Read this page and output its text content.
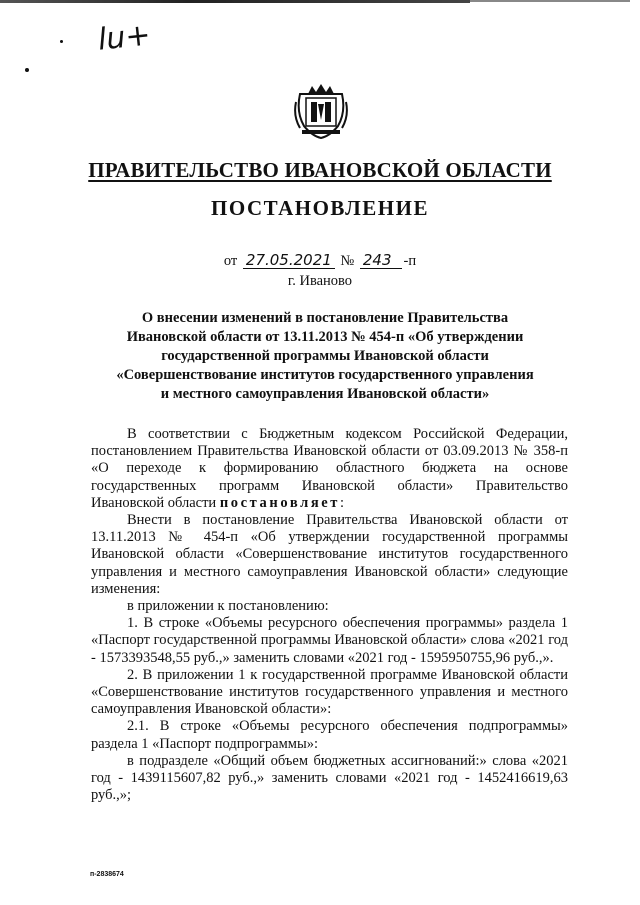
lu+
ПРАВИТЕЛЬСТВО ИВАНОВСКОЙ ОБЛАСТИ
ПОСТАНОВЛЕНИЕ
от 27.05.2021 № 243 -п
г. Иваново
О внесении изменений в постановление Правительства
Ивановской области от 13.11.2013 № 454-п «Об утверждении
государственной программы Ивановской области
«Совершенствование институтов государственного управления
и местного самоуправления Ивановской области»

В соответствии с Бюджетным кодексом Российской Федерации, постановлением Правительства Ивановской области от 03.09.2013 № 358-п «О переходе к формированию областного бюджета на основе государственных программ Ивановской области» Правительство Ивановской области постановляет:

Внести в постановление Правительства Ивановской области от 13.11.2013 № 454-п «Об утверждении государственной программы Ивановской области «Совершенствование институтов государственного управления и местного самоуправления Ивановской области» следующие изменения:

в приложении к постановлению:

1. В строке «Объемы ресурсного обеспечения программы» раздела 1 «Паспорт государственной программы Ивановской области» слова «2021 год - 1573393548,55 руб.,» заменить словами «2021 год - 1595950755,96 руб.,».

2. В приложении 1 к государственной программе Ивановской области «Совершенствование институтов государственного управления и местного самоуправления Ивановской области»:

2.1. В строке «Объемы ресурсного обеспечения подпрограммы» раздела 1 «Паспорт подпрограммы»:

в подразделе «Общий объем бюджетных ассигнований:» слова «2021 год - 1439115607,82 руб.,» заменить словами «2021 год - 1452416619,63 руб.,»;

п-2838674
